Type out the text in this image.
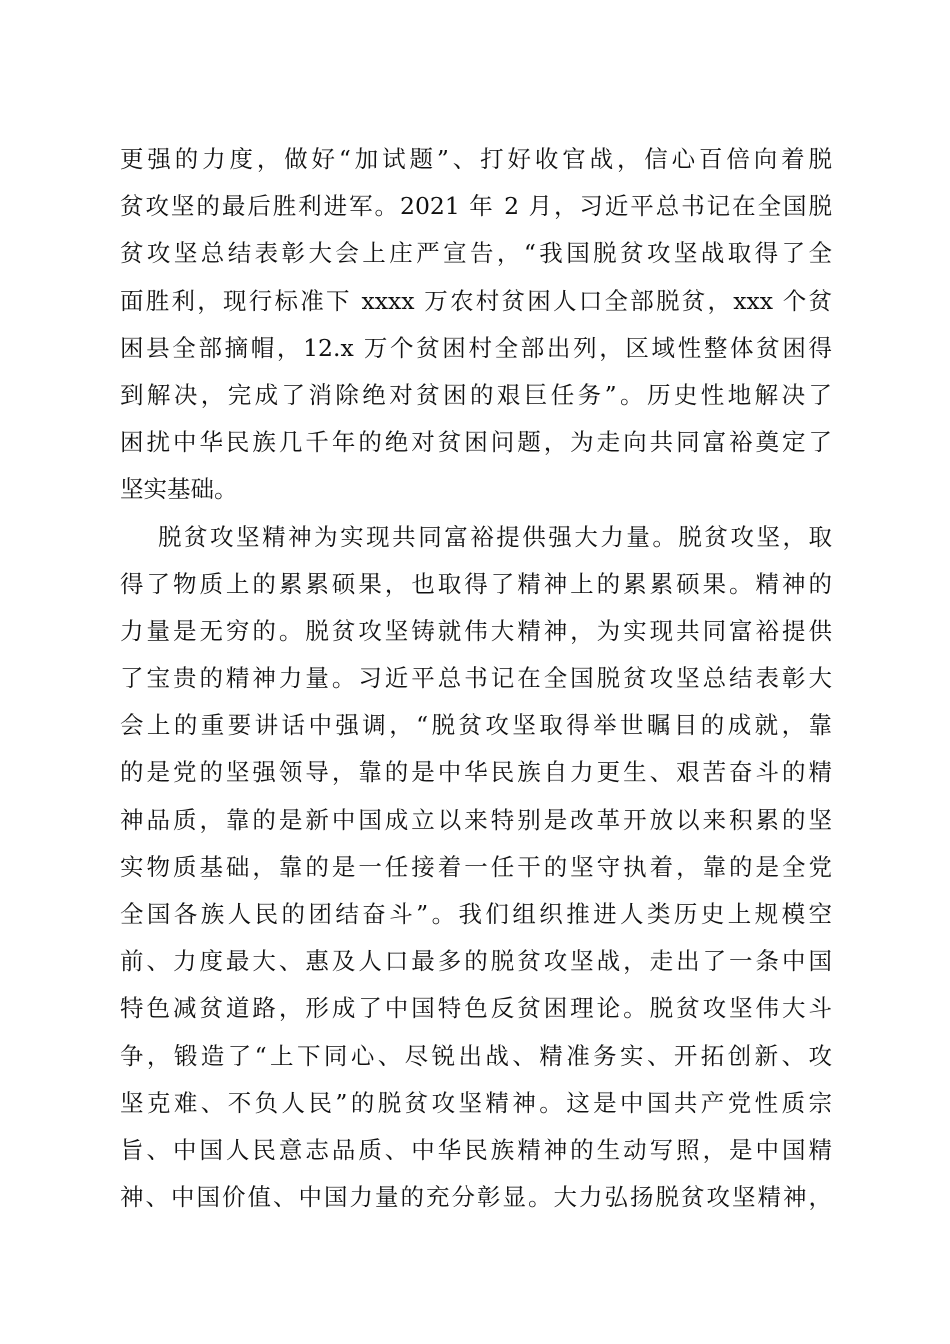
更强的力度，做好“加试题”、打好收官战，信心百倍向着脱
贫攻坚的最后胜利进军。2021 年 2 月，习近平总书记在全国脱
贫攻坚总结表彰大会上庄严宣告，“我国脱贫攻坚战取得了全
面胜利，现行标准下 xxxx 万农村贫困人口全部脱贫，xxx 个贫
困县全部摘帽，12.x 万个贫困村全部出列，区域性整体贫困得
到解决，完成了消除绝对贫困的艰巨任务”。历史性地解决了
困扰中华民族几千年的绝对贫困问题，为走向共同富裕奠定了
坚实基础。
脱贫攻坚精神为实现共同富裕提供强大力量。脱贫攻坚，取
得了物质上的累累硕果，也取得了精神上的累累硕果。精神的
力量是无穷的。脱贫攻坚铸就伟大精神，为实现共同富裕提供
了宝贵的精神力量。习近平总书记在全国脱贫攻坚总结表彰大
会上的重要讲话中强调，“脱贫攻坚取得举世瞩目的成就，靠
的是党的坚强领导，靠的是中华民族自力更生、艰苦奋斗的精
神品质，靠的是新中国成立以来特别是改革开放以来积累的坚
实物质基础，靠的是一任接着一任干的坚守执着，靠的是全党
全国各族人民的团结奋斗”。我们组织推进人类历史上规模空
前、力度最大、惠及人口最多的脱贫攻坚战，走出了一条中国
特色减贫道路，形成了中国特色反贫困理论。脱贫攻坚伟大斗
争，锻造了“上下同心、尽锐出战、精准务实、开拓创新、攻
坚克难、不负人民”的脱贫攻坚精神。这是中国共产党性质宗
旨、中国人民意志品质、中华民族精神的生动写照，是中国精
神、中国价值、中国力量的充分彰显。大力弘扬脱贫攻坚精神，
